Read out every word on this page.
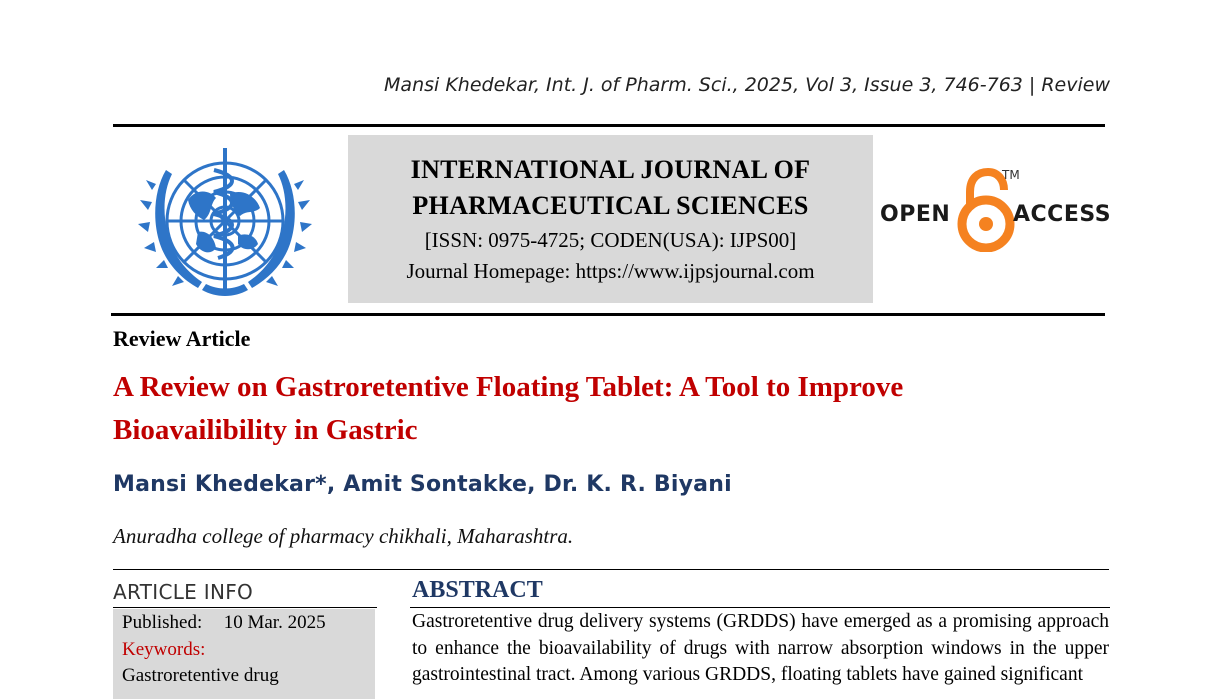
Mansi Khedekar, Int. J. of Pharm. Sci., 2025, Vol 3, Issue 3, 746-763 | Review
INTERNATIONAL JOURNAL OF
PHARMACEUTICAL SCIENCES
[ISSN: 0975-4725; CODEN(USA): IJPS00]
Journal Homepage: https://www.ijpsjournal.com
OPEN
TM
ACCESS
Review Article
A Review on Gastroretentive Floating Tablet: A Tool to Improve
Bioavailibility in Gastric
Mansi Khedekar*, Amit Sontakke, Dr. K. R. Biyani
Anuradha college of pharmacy chikhali, Maharashtra.
ARTICLE INFO
Published: 10 Mar. 2025
Keywords:
Gastroretentive drug
ABSTRACT
Gastroretentive drug delivery systems (GRDDS) have emerged as a promising approach to enhance the bioavailability of drugs with narrow absorption windows in the upper gastrointestinal tract. Among various GRDDS, floating tablets have gained significant
